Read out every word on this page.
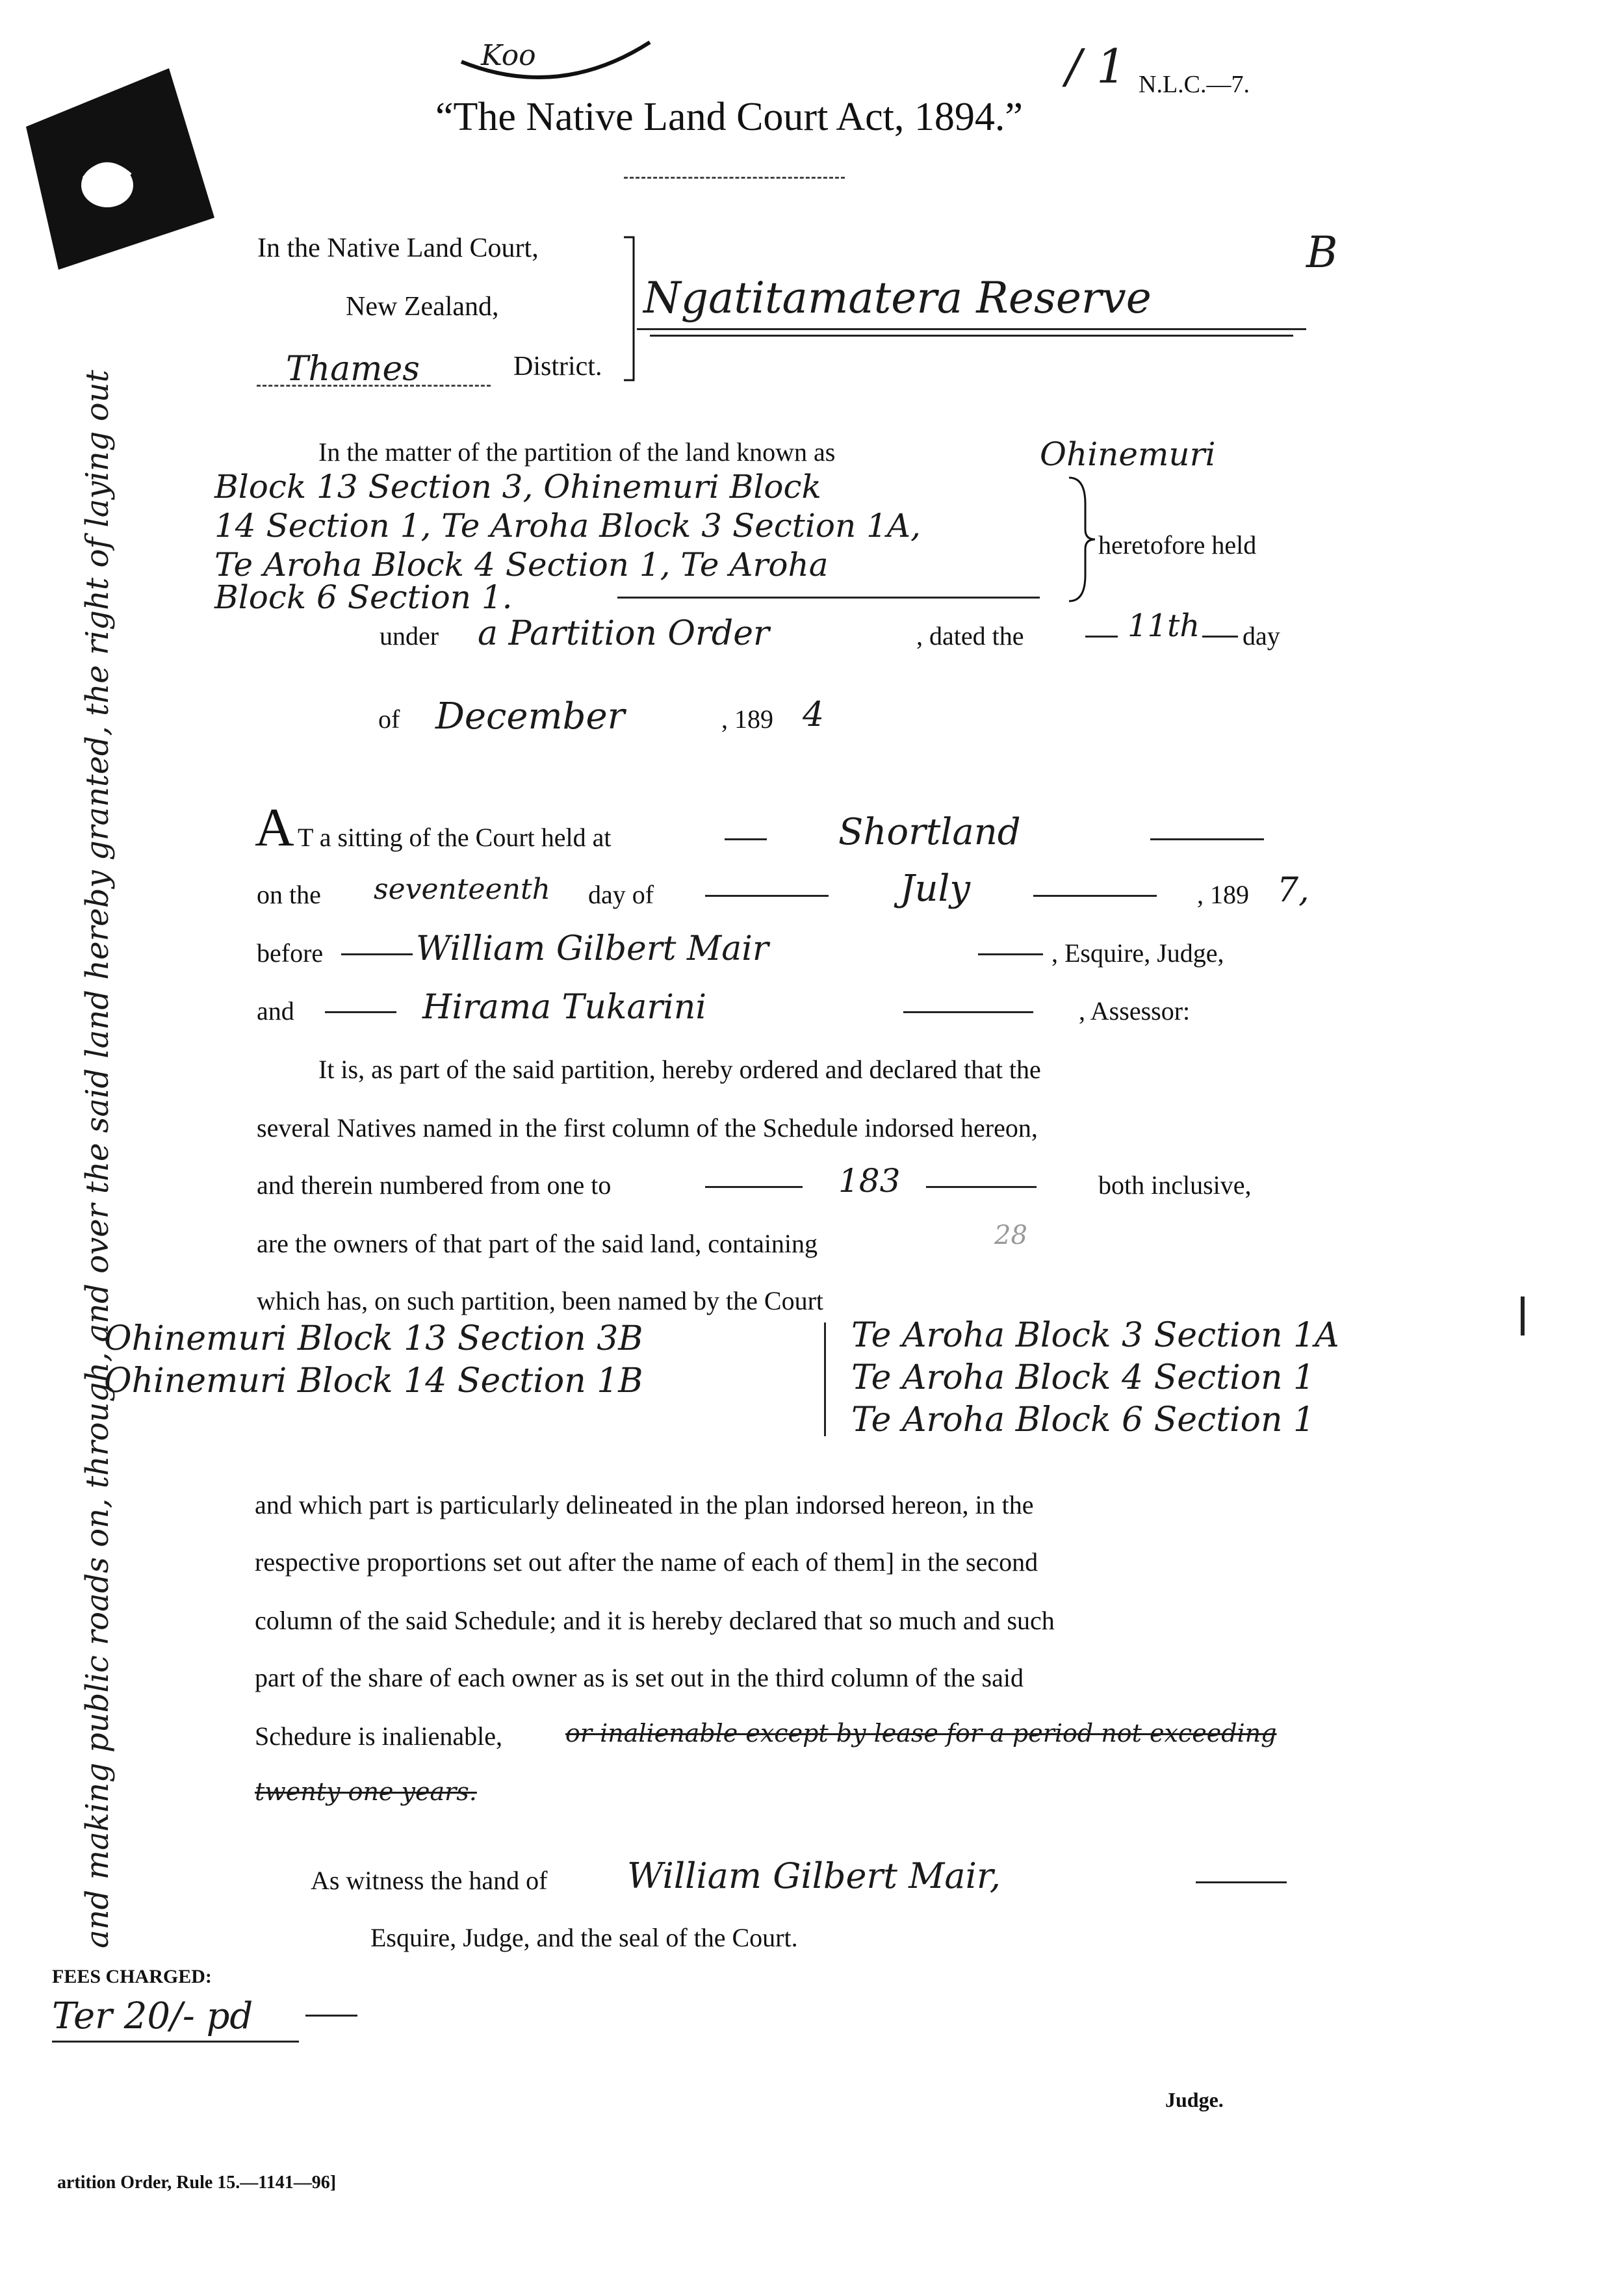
and making public roads on, through, and over the said land hereby granted, the right of laying out
Koo	/ 1 N.L.C.—7.
“The Native Land Court Act, 1894.”
B
In the Native Land Court,
New Zealand,
Thames	District.
Ngatitamatera Reserve
In the matter of the partition of the land known as	Ohinemuri
Block 13 Section 3, Ohinemuri Block
14 Section 1, Te Aroha Block 3 Section 1A,
Te Aroha Block 4 Section 1, Te Aroha
Block 6 Section 1.
heretofore held
under a Partition Order	, dated the	11th day
of December	, 189 4
A T a sitting of the Court held at	Shortland
on the seventeenth day of	July	, 189 7,
before	William Gilbert Mair	, Esquire, Judge,
and	Hirama Tukarini	, Assessor:
It is, as part of the said partition, hereby ordered and declared that the
several Natives named in the first column of the Schedule indorsed hereon,
and therein numbered from one to	183	both inclusive,
are the owners of that part of the said land, containing	28
which has, on such partition, been named by the Court
Ohinemuri Block 13 Section 3B
Ohinemuri Block 14 Section 1B
Te Aroha Block 3 Section 1A
Te Aroha Block 4 Section 1
Te Aroha Block 6 Section 1
and which part is particularly delineated in the plan indorsed hereon, in the
respective proportions set out after the name of each of them] in the second
column of the said Schedule; and it is hereby declared that so much and such
part of the share of each owner as is set out in the third column of the said
Schedure is inalienable,	or inalienable except by lease for a period not exceeding
twenty one years.
As witness the hand of William Gilbert Mair,
Esquire, Judge, and the seal of the Court.
FEES CHARGED:
Ter 20/- pd
Judge.
artition Order, Rule 15.—1141—96]
